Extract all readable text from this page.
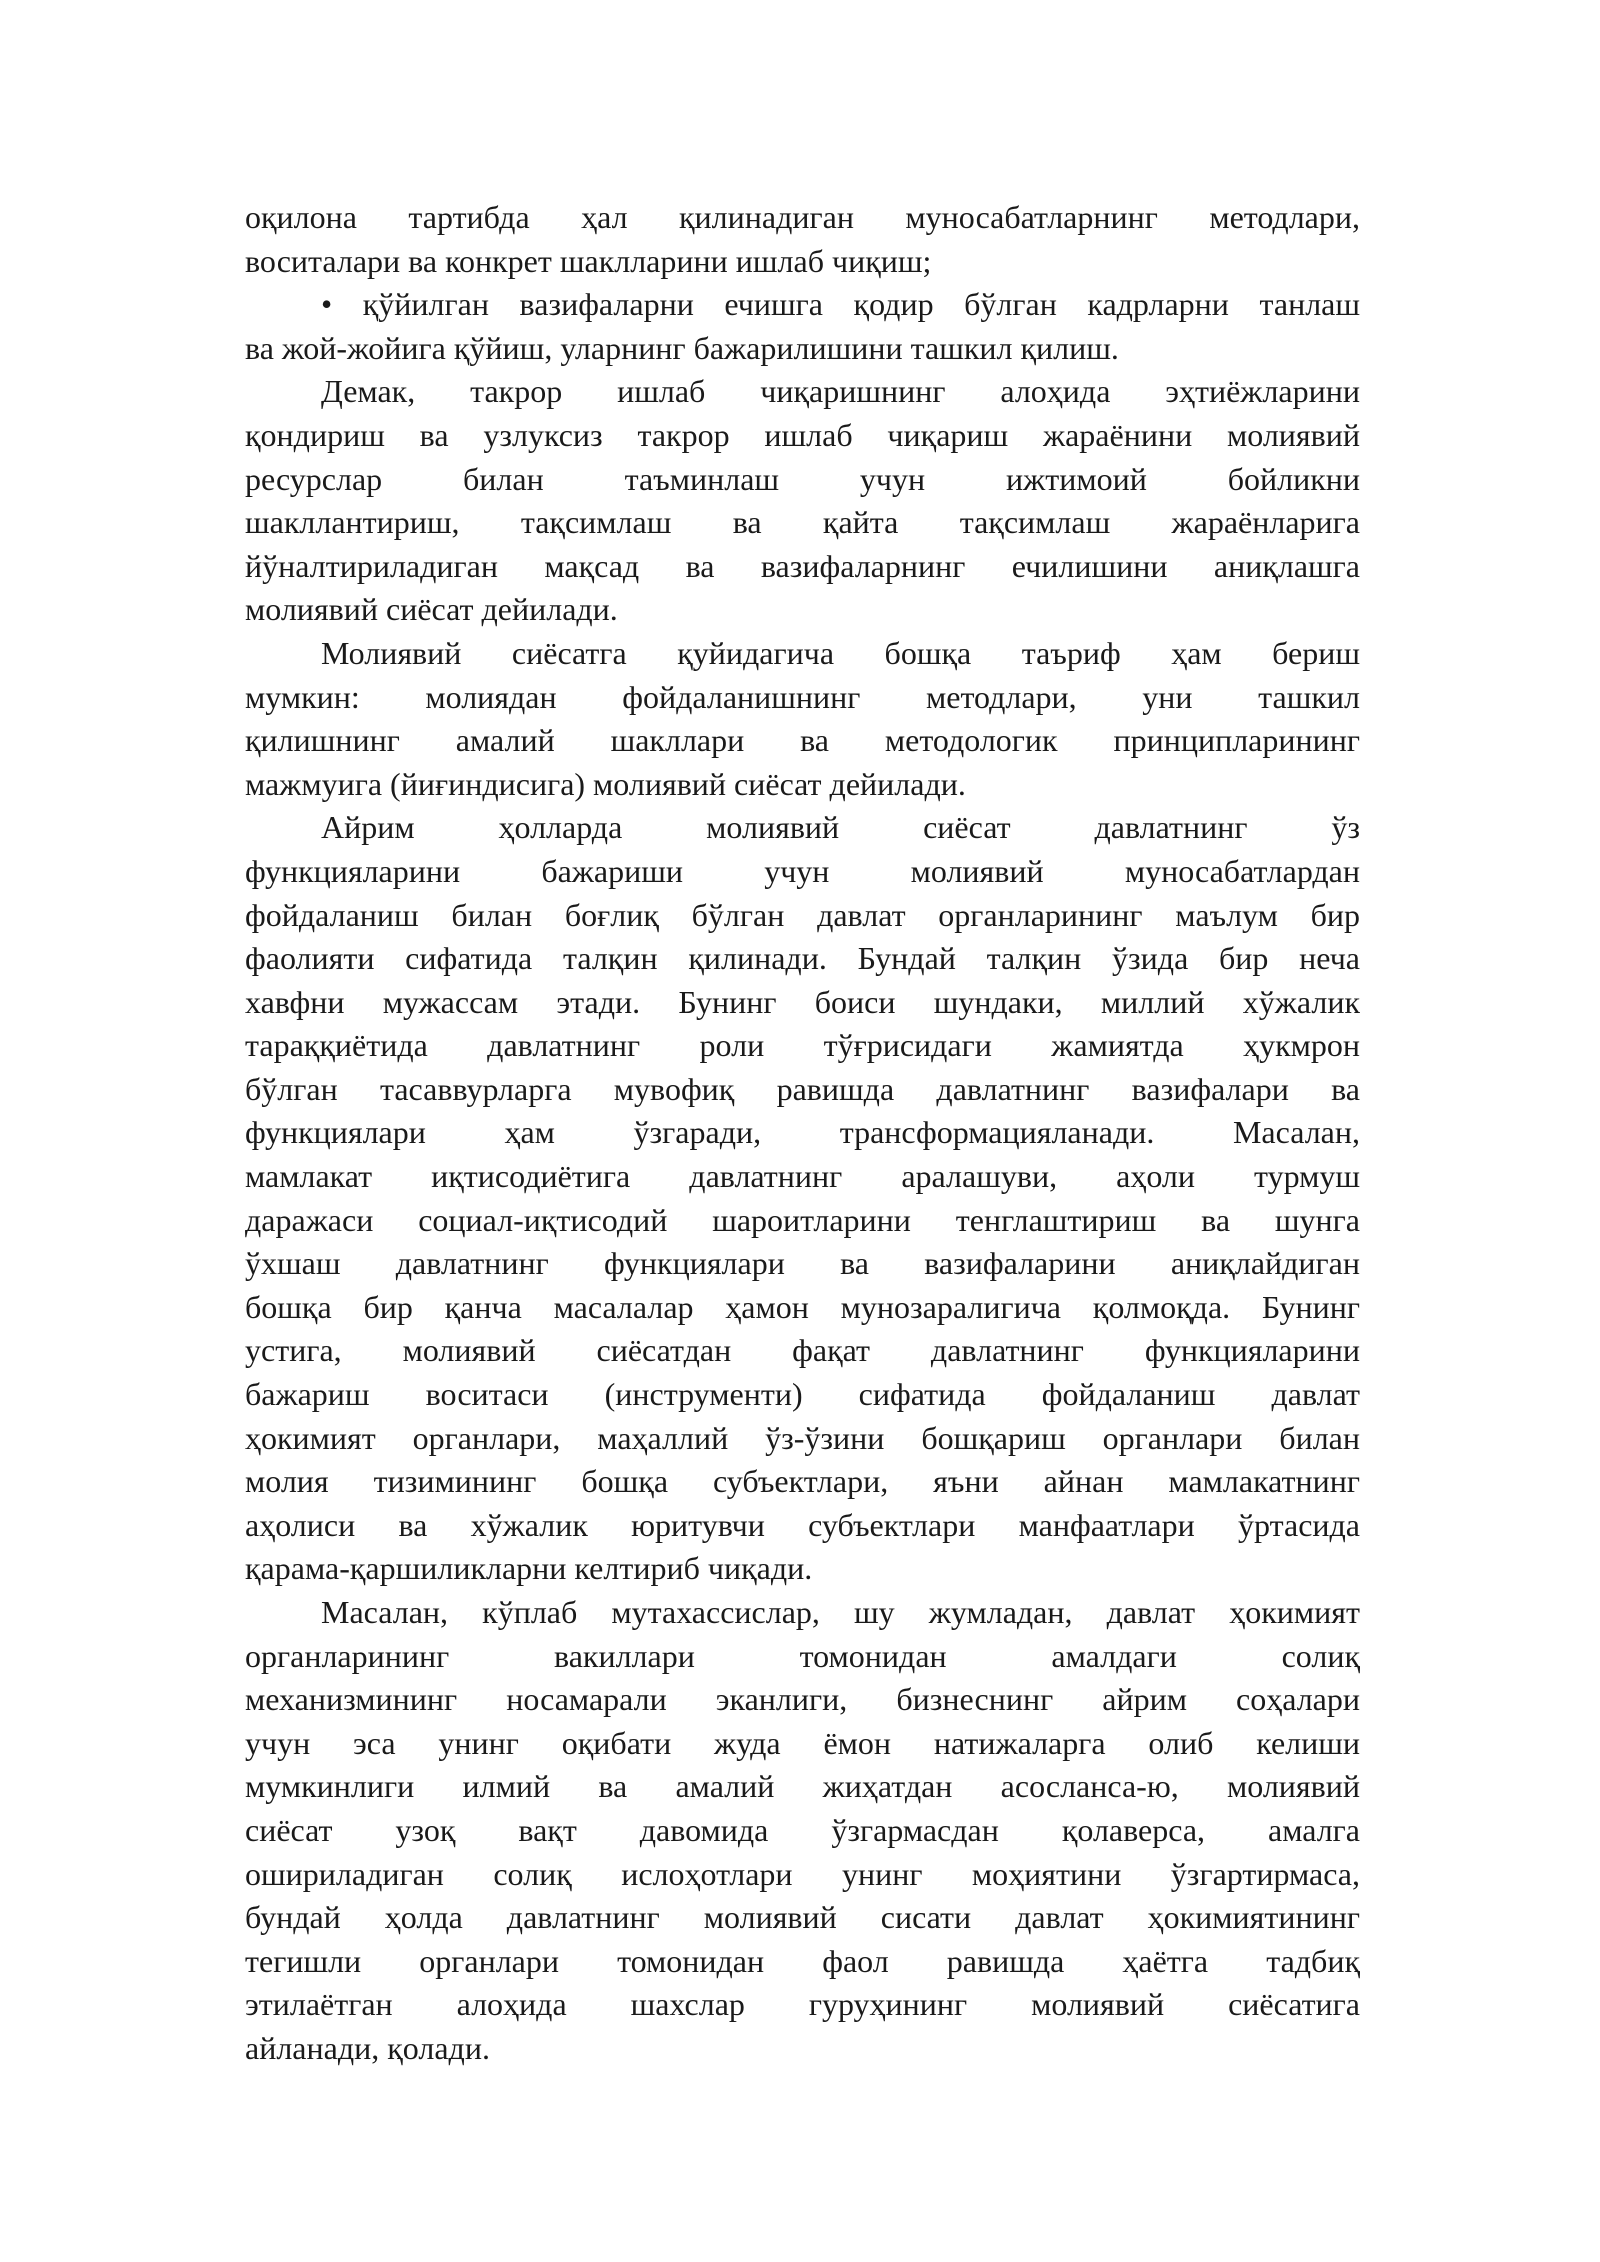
оқилона тартибда ҳал қилинадиган муносабатларнинг методлари,
воситалари ва конкрет шаклларини ишлаб чиқиш;
• қўйилган вазифаларни ечишга қодир бўлган кадрларни танлаш
ва жой-жойига қўйиш, уларнинг бажарилишини ташкил қилиш.
Демак, такрор ишлаб чиқаришнинг алоҳида эҳтиёжларини
қондириш ва узлуксиз такрор ишлаб чиқариш жараёнини молиявий
ресурслар билан таъминлаш учун ижтимоий бойликни
шакллантириш, тақсимлаш ва қайта тақсимлаш жараёнларига
йўналтириладиган мақсад ва вазифаларнинг ечилишини аниқлашга
молиявий сиёсат дейилади.
Молиявий сиёсатга қуйидагича бошқа таъриф ҳам бериш
мумкин: молиядан фойдаланишнинг методлари, уни ташкил
қилишнинг амалий шакллари ва методологик принципларининг
мажмуига (йиғиндисига) молиявий сиёсат дейилади.
Айрим ҳолларда молиявий сиёсат давлатнинг ўз
функцияларини бажариши учун молиявий муносабатлардан
фойдаланиш билан боғлиқ бўлган давлат органларининг маълум бир
фаолияти сифатида талқин қилинади. Бундай талқин ўзида бир неча
хавфни мужассам этади. Бунинг боиси шундаки, миллий хўжалик
тараққиётида давлатнинг роли тўғрисидаги жамиятда ҳукмрон
бўлган тасаввурларга мувофиқ равишда давлатнинг вазифалари ва
функциялари ҳам ўзгаради, трансформацияланади. Масалан,
мамлакат иқтисодиётига давлатнинг аралашуви, аҳоли турмуш
даражаси социал-иқтисодий шароитларини тенглаштириш ва шунга
ўхшаш давлатнинг функциялари ва вазифаларини аниқлайдиган
бошқа бир қанча масалалар ҳамон мунозаралигича қолмоқда. Бунинг
устига, молиявий сиёсатдан фақат давлатнинг функцияларини
бажариш воситаси (инструменти) сифатида фойдаланиш давлат
ҳокимият органлари, маҳаллий ўз-ўзини бошқариш органлари билан
молия тизимининг бошқа субъектлари, яъни айнан мамлакатнинг
аҳолиси ва хўжалик юритувчи субъектлари манфаатлари ўртасида
қарама-қаршиликларни келтириб чиқади.
Масалан, кўплаб мутахассислар, шу жумладан, давлат ҳокимият
органларининг вакиллари томонидан амалдаги солиқ
механизмининг носамарали эканлиги, бизнеснинг айрим соҳалари
учун эса унинг оқибати жуда ёмон натижаларга олиб келиши
мумкинлиги илмий ва амалий жиҳатдан асосланса-ю, молиявий
сиёсат узоқ вақт давомида ўзгармасдан қолаверса, амалга
ошириладиган солиқ ислоҳотлари унинг моҳиятини ўзгартирмаса,
бундай ҳолда давлатнинг молиявий сисати давлат ҳокимиятининг
тегишли органлари томонидан фаол равишда ҳаётга тадбиқ
этилаётган алоҳида шахслар гуруҳининг молиявий сиёсатига
айланади, қолади.
